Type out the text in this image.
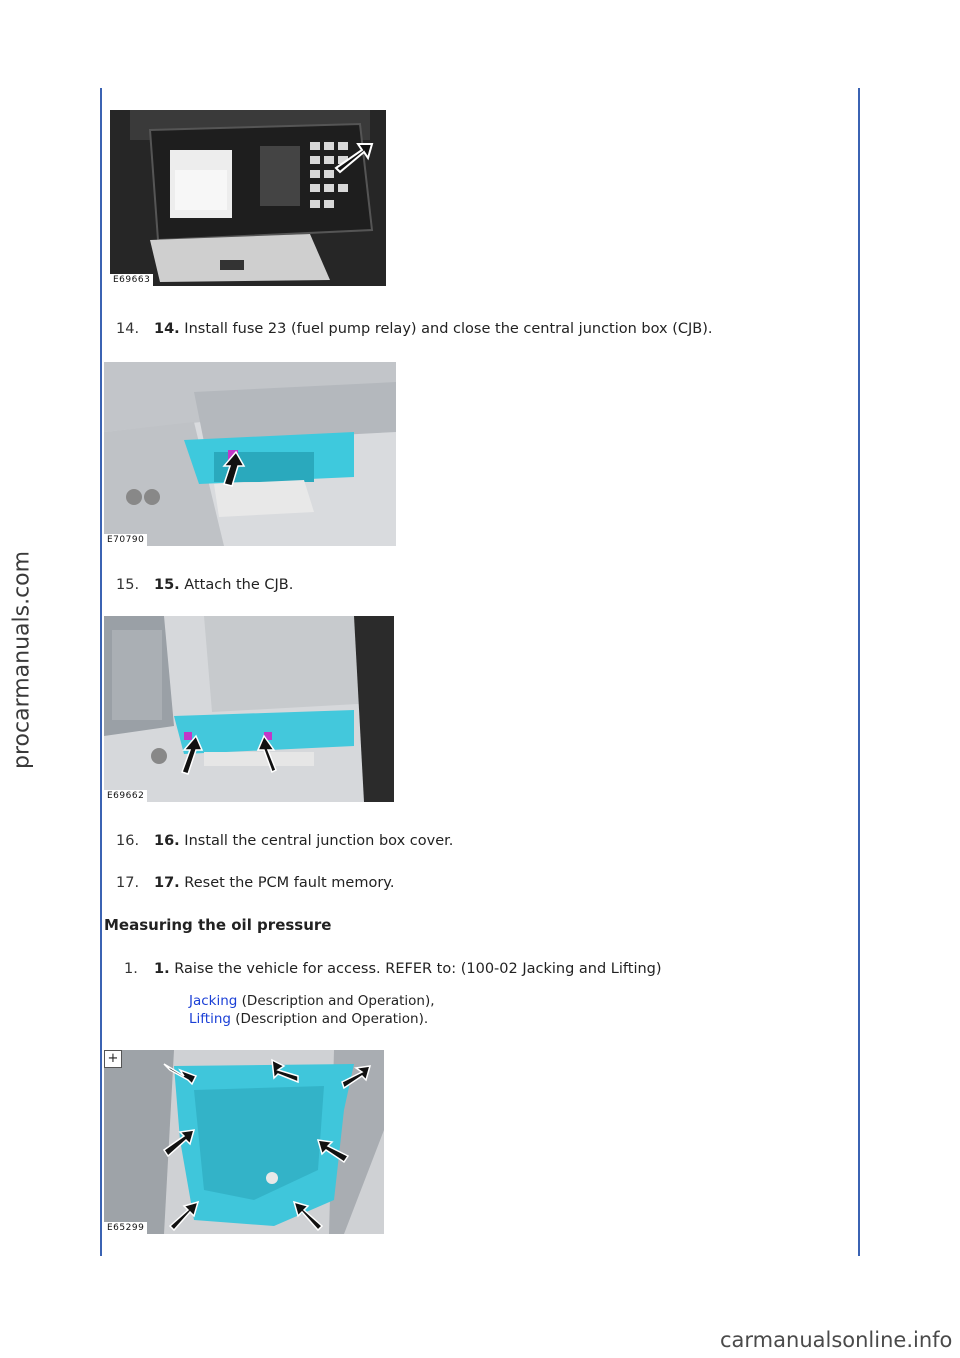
procarmanuals.com
E69663
14. 14. Install fuse 23 (fuel pump relay) and close the central junction box (CJB).
E70790
15. 15. Attach the CJB.
E69662
16. 16. Install the central junction box cover.
17. 17. Reset the PCM fault memory.
Measuring the oil pressure
1. 1. Raise the vehicle for access. REFER to: (100-02 Jacking and Lifting)
Jacking (Description and Operation),
Lifting (Description and Operation).
+
E65299
carmanualsonline.info
